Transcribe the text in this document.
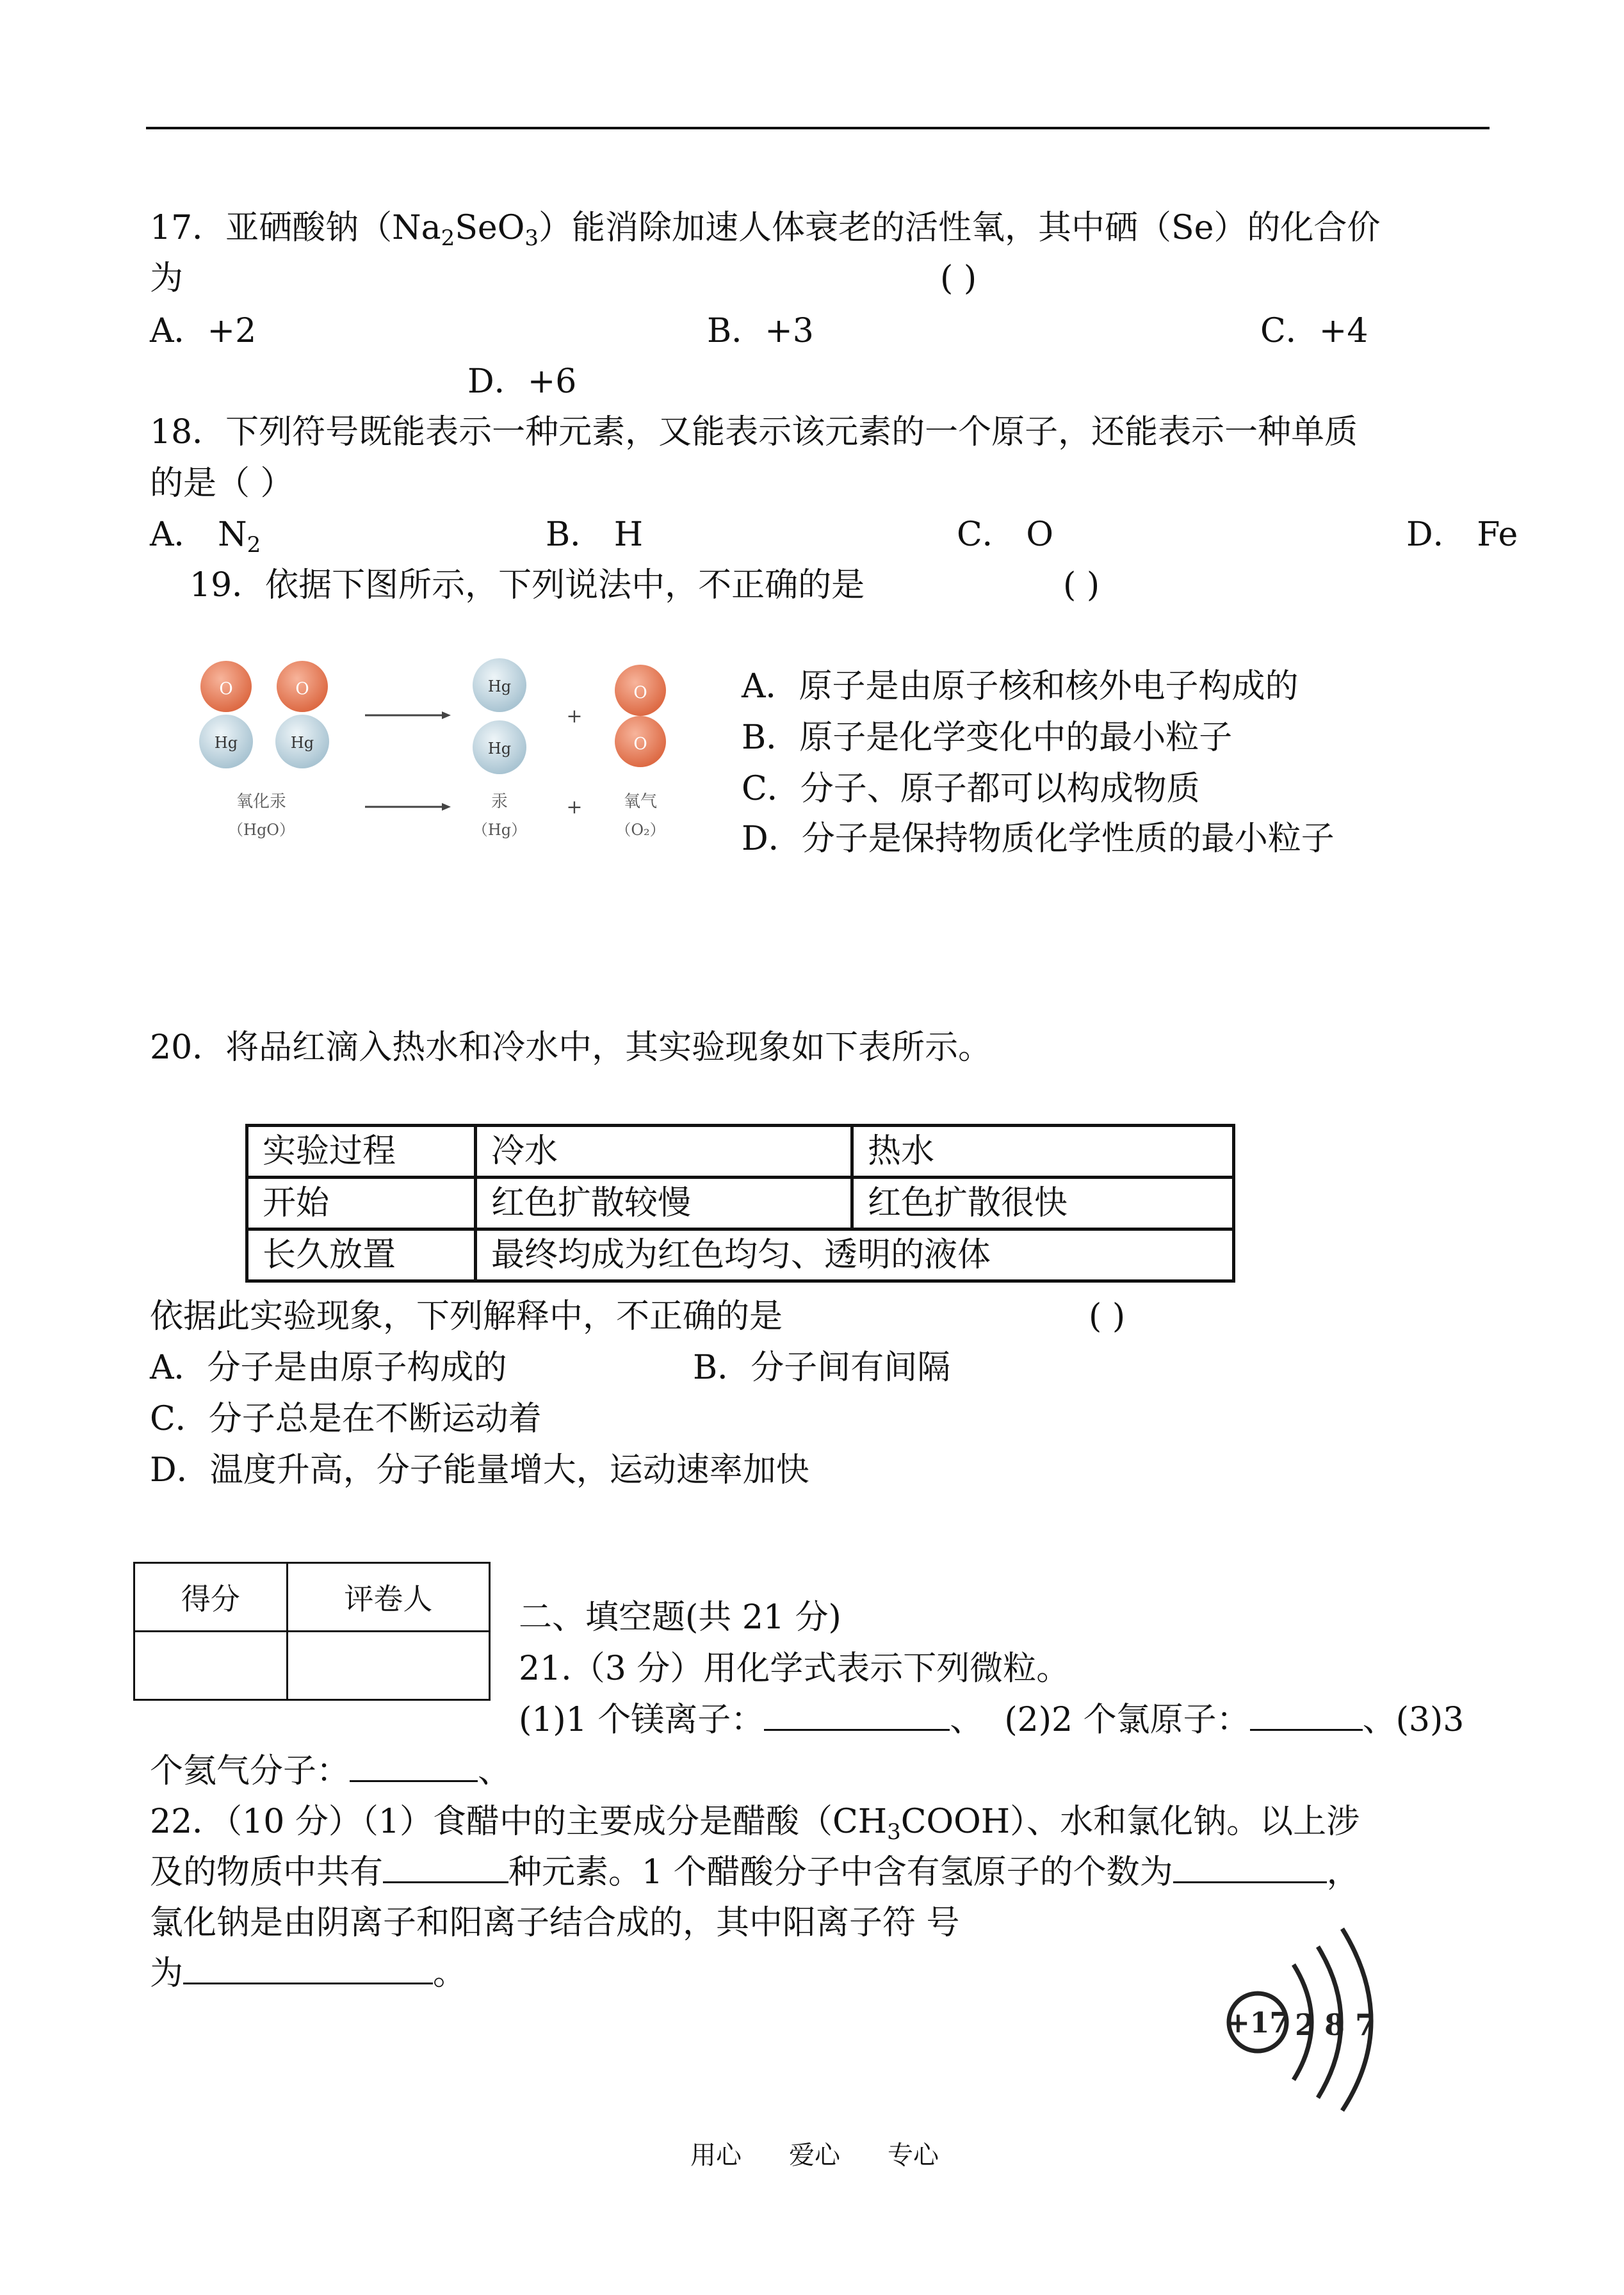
17．亚硒酸钠$(Na_2SeO_3)$能消除加速人体衰老的活性氧，其中硒（Se）的化合价
为	( )
A．+2	B．+3	C．+4
D．+6
18．下列符号既能表示一种元素，又能表示该元素的一个原子，还能表示一种单质
的是（ ）
A． $N_2$	B． H	C． O	D． Fe
19．依据下图所示，下列说法中，不正确的是	( )
O
Hg
O
Hg
Hg
Hg
+
O
O
氧化汞
（HgO）
汞
（Hg）
+ 氧气
（O₂）
A．原子是由原子核和核外电子构成的
B．原子是化学变化中的最小粒子
C．分子、原子都可以构成物质
D．分子是保持物质化学性质的最小粒子
20．将品红滴入热水和冷水中，其实验现象如下表所示。
实验过程	冷水	热水
开始	红色扩散较慢	红色扩散很快
长久放置	最终均成为红色均匀、透明的液体	
依据此实验现象，下列解释中，不正确的是	( )
A．分子是由原子构成的	B．分子间有间隔
C．分子总是在不断运动着
D．温度升高，分子能量增大，运动速率加快
得分	评卷人
		二、填空题(共 21 分)
21.（3 分）用化学式表示下列微粒。
(1)1 个镁离子：	、 (2)2 个氯原子：	、(3)3
个氦气分子：	、
22．（10 分）（1）食醋中的主要成分是醋酸$(CH_3COOH)$、水和氯化钠。以上涉
及的物质中共有	种元素。1 个醋酸分子中含有氢原子的个数为	，
氯化钠是由阴离子和阳离子结合成的，其中阳离子符 号
为	。
+17 2 8 7
用心 爱心 专心
